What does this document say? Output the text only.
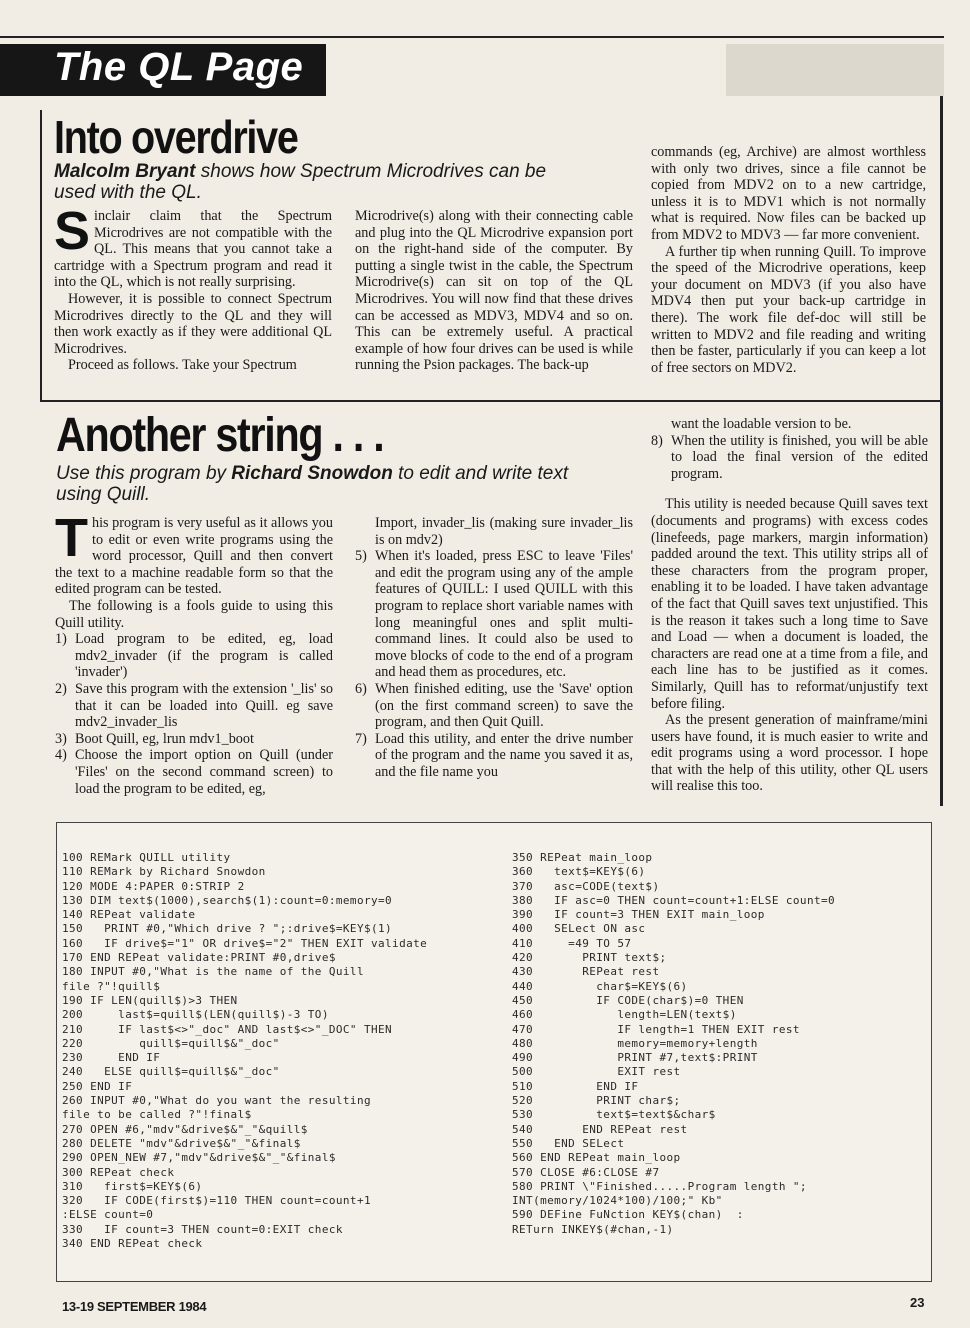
The QL Page
Into overdrive
Malcolm Bryant shows how Spectrum Microdrives can be used with the QL.
S inclair claim that the Spectrum Microdrives are not compatible with the QL. This means that you cannot take a cartridge with a Spectrum program and read it into the QL, which is not really surprising.

However, it is possible to connect Spectrum Microdrives directly to the QL and they will then work exactly as if they were additional QL Microdrives.

Proceed as follows. Take your Spectrum

Microdrive(s) along with their connecting cable and plug into the QL Microdrive expansion port on the right-hand side of the computer. By putting a single twist in the cable, the Spectrum Microdrive(s) can sit on top of the QL Microdrives. You will now find that these drives can be accessed as MDV3, MDV4 and so on. This can be extremely useful. A practical example of how four drives can be used is while running the Psion packages. The back-up

commands (eg, Archive) are almost worthless with only two drives, since a file cannot be copied from MDV2 on to a new cartridge, unless it is to MDV1 which is not normally what is required. Now files can be backed up from MDV2 to MDV3 — far more convenient.

A further tip when running Quill. To improve the speed of the Microdrive operations, keep your document on MDV3 (if you also have MDV4 then put your back-up cartridge in there). The work file def-doc will still be written to MDV2 and file reading and writing then be faster, particularly if you can keep a lot of free sectors on MDV2.

Another string . . .
Use this program by Richard Snowdon to edit and write text using Quill.
T his program is very useful as it allows you to edit or even write programs using the word processor, Quill and then convert the text to a machine readable form so that the edited program can be tested.

The following is a fools guide to using this Quill utility.

1) Load program to be edited, eg, load mdv2_invader (if the program is called 'invader')
2) Save this program with the extension '_lis' so that it can be loaded into Quill. eg save mdv2_invader_lis
3) Boot Quill, eg, lrun mdv1_boot
4) Choose the import option on Quill (under 'Files' on the second command screen) to load the program to be edited, eg,

Import, invader_lis (making sure invader_lis is on mdv2)

5) When it's loaded, press ESC to leave 'Files' and edit the program using any of the ample features of QUILL: I used QUILL with this program to replace short variable names with long meaningful ones and split multi-command lines. It could also be used to move blocks of code to the end of a program and head them as procedures, etc.
6) When finished editing, use the 'Save' option (on the first command screen) to save the program, and then Quit Quill.
7) Load this utility, and enter the drive number of the program and the name you saved it as, and the file name you

want the loadable version to be.

8) When the utility is finished, you will be able to load the final version of the edited program.

This utility is needed because Quill saves text (documents and programs) with excess codes (linefeeds, page markers, margin information) padded around the text. This utility strips all of these characters from the program proper, enabling it to be loaded. I have taken advantage of the fact that Quill saves text unjustified. This is the reason it takes such a long time to Save and Load — when a document is loaded, the characters are read one at a time from a file, and each line has to be justified as it comes. Similarly, Quill has to reformat/unjustify text before filing.

As the present generation of mainframe/mini users have found, it is much easier to write and edit programs using a word processor. I hope that with the help of this utility, other QL users will realise this too.

100 REMark QUILL utility
110 REMark by Richard Snowdon
120 MODE 4:PAPER 0:STRIP 2
130 DIM text$(1000),search$(1):count=0:memory=0
140 REPeat validate
150   PRINT #0,"Which drive ? ";:drive$=KEY$(1)
160   IF drive$="1" OR drive$="2" THEN EXIT validate
170 END REPeat validate:PRINT #0,drive$
180 INPUT #0,"What is the name of the Quill
file ?"!quill$
190 IF LEN(quill$)>3 THEN
200     last$=quill$(LEN(quill$)-3 TO)
210     IF last$<>"_doc" AND last$<>"_DOC" THEN
220        quill$=quill$&"_doc"
230     END IF
240   ELSE quill$=quill$&"_doc"
250 END IF
260 INPUT #0,"What do you want the resulting
file to be called ?"!final$
270 OPEN #6,"mdv"&drive$&"_"&quill$
280 DELETE "mdv"&drive$&"_"&final$
290 OPEN_NEW #7,"mdv"&drive$&"_"&final$
300 REPeat check
310   first$=KEY$(6)
320   IF CODE(first$)=110 THEN count=count+1
:ELSE count=0
330   IF count=3 THEN count=0:EXIT check
340 END REPeat check
350 REPeat main_loop
360   text$=KEY$(6)
370   asc=CODE(text$)
380   IF asc=0 THEN count=count+1:ELSE count=0
390   IF count=3 THEN EXIT main_loop
400   SELect ON asc
410     =49 TO 57
420       PRINT text$;
430       REPeat rest
440         char$=KEY$(6)
450         IF CODE(char$)=0 THEN
460            length=LEN(text$)
470            IF length=1 THEN EXIT rest
480            memory=memory+length
490            PRINT #7,text$:PRINT
500            EXIT rest
510         END IF
520         PRINT char$;
530         text$=text$&char$
540       END REPeat rest
550   END SELect
560 END REPeat main_loop
570 CLOSE #6:CLOSE #7
580 PRINT \"Finished.....Program length ";
INT(memory/1024*100)/100;" Kb"
590 DEFine FuNction KEY$(chan)  :
RETurn INKEY$(#chan,-1)
13-19 SEPTEMBER 1984	23
